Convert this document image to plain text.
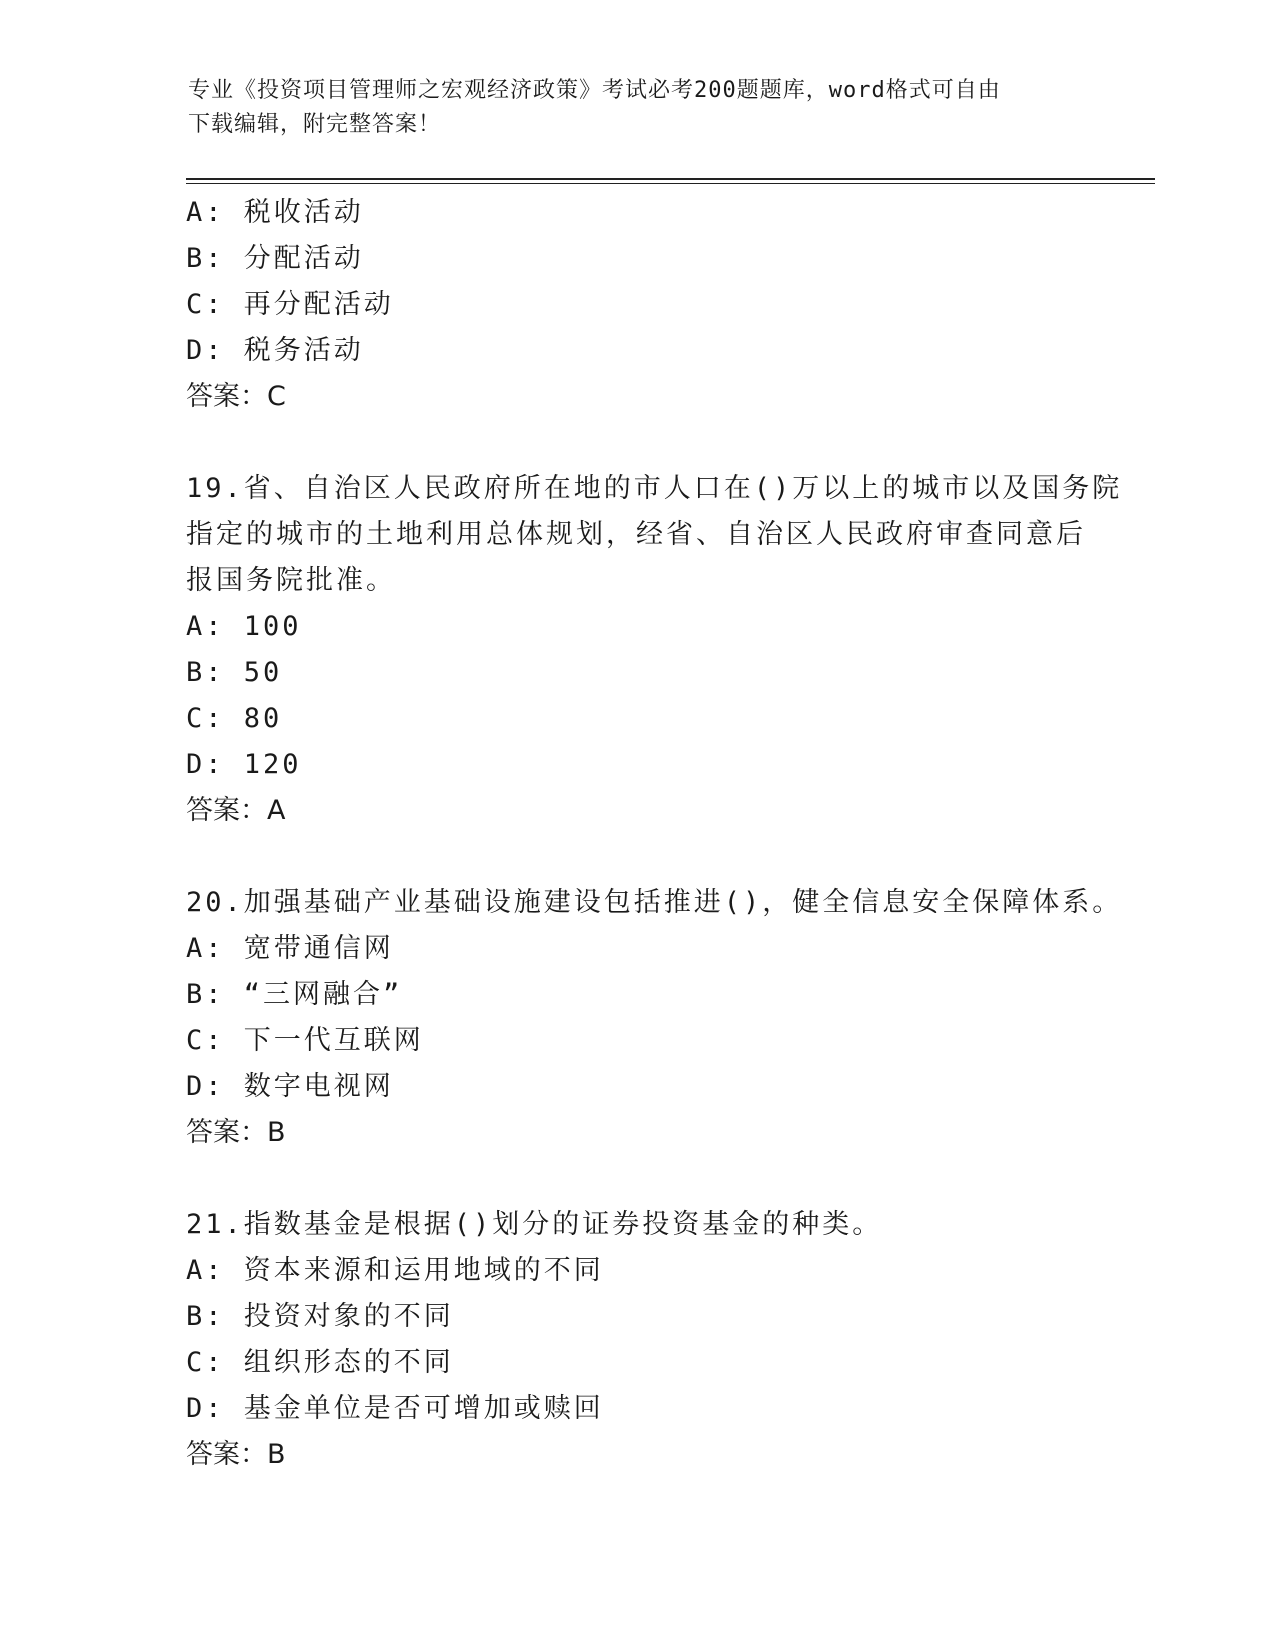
专业《投资项目管理师之宏观经济政策》考试必考200题题库，word格式可自由
下载编辑，附完整答案！
A: 税收活动
B: 分配活动
C: 再分配活动
D: 税务活动
答案：C
19.省、自治区人民政府所在地的市人口在()万以上的城市以及国务院
指定的城市的土地利用总体规划，经省、自治区人民政府审查同意后
报国务院批准。
A: 100
B: 50
C: 80
D: 120
答案：A
20.加强基础产业基础设施建设包括推进()，健全信息安全保障体系。
A: 宽带通信网
B: “三网融合”
C: 下一代互联网
D: 数字电视网
答案：B
21.指数基金是根据()划分的证券投资基金的种类。
A: 资本来源和运用地域的不同
B: 投资对象的不同
C: 组织形态的不同
D: 基金单位是否可增加或赎回
答案：B
